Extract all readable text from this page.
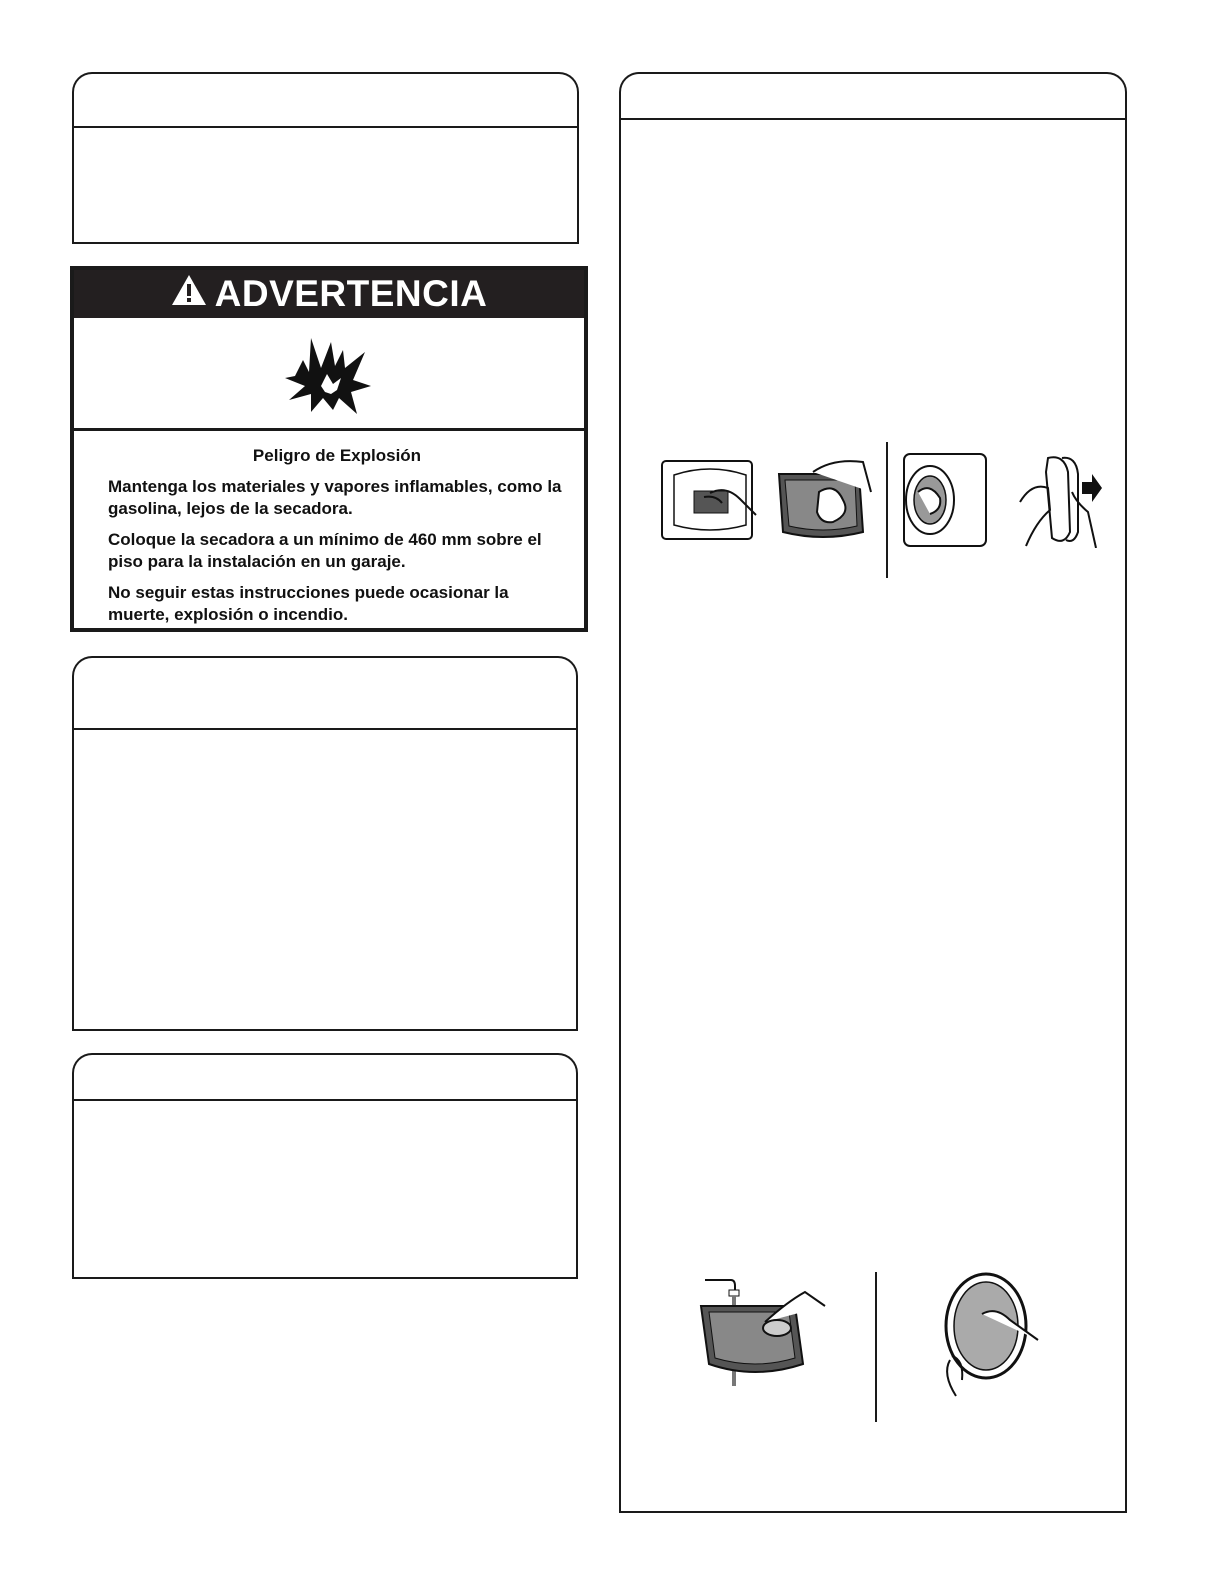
ADVERTENCIA
Peligro de Explosión

Mantenga los materiales y vapores inflamables, como la gasolina, lejos de la secadora.

Coloque la secadora a un mínimo de 460 mm sobre el piso para la instalación en un garaje.

No seguir estas instrucciones puede ocasionar la muerte, explosión o incendio.
